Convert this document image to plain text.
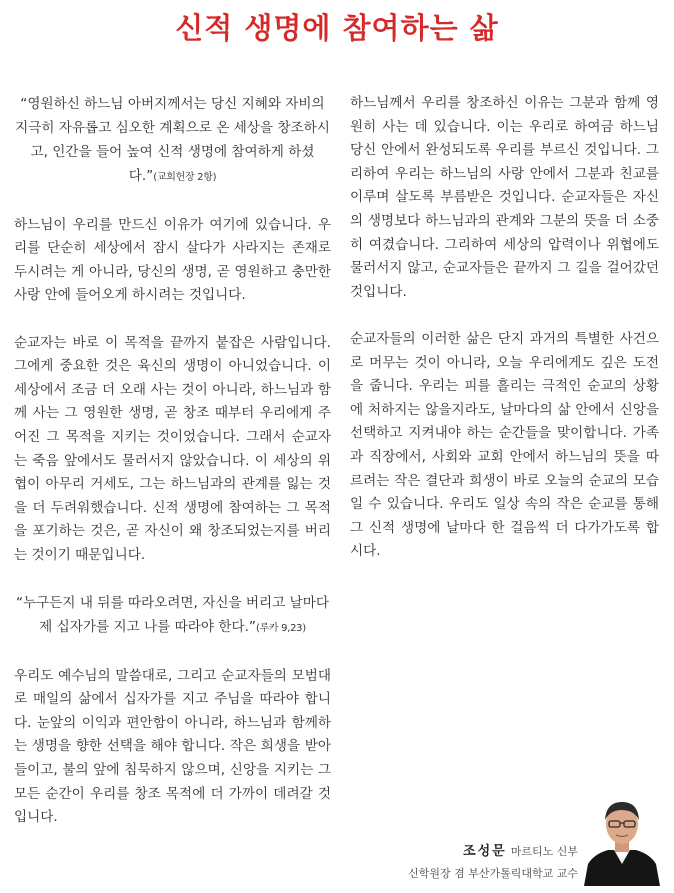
신적 생명에 참여하는 삶

“영원하신 하느님 아버지께서는 당신 지혜와 자비의 지극히 자유롭고 심오한 계획으로 온 세상을 창조하시고, 인간을 들어 높여 신적 생명에 참여하게 하셨다.”(교회헌장 2항)

하느님이 우리를 만드신 이유가 여기에 있습니다. 우리를 단순히 세상에서 잠시 살다가 사라지는 존재로 두시려는 게 아니라, 당신의 생명, 곧 영원하고 충만한 사랑 안에 들어오게 하시려는 것입니다.

순교자는 바로 이 목적을 끝까지 붙잡은 사람입니다. 그에게 중요한 것은 육신의 생명이 아니었습니다. 이 세상에서 조금 더 오래 사는 것이 아니라, 하느님과 함께 사는 그 영원한 생명, 곧 창조 때부터 우리에게 주어진 그 목적을 지키는 것이었습니다. 그래서 순교자는 죽음 앞에서도 물러서지 않았습니다. 이 세상의 위협이 아무리 거세도, 그는 하느님과의 관계를 잃는 것을 더 두려워했습니다. 신적 생명에 참여하는 그 목적을 포기하는 것은, 곧 자신이 왜 창조되었는지를 버리는 것이기 때문입니다.

“누구든지 내 뒤를 따라오려면, 자신을 버리고 날마다 제 십자가를 지고 나를 따라야 한다.”(루카 9,23)

우리도 예수님의 말씀대로, 그리고 순교자들의 모범대로 매일의 삶에서 십자가를 지고 주님을 따라야 합니다. 눈앞의 이익과 편안함이 아니라, 하느님과 함께하는 생명을 향한 선택을 해야 합니다. 작은 희생을 받아들이고, 불의 앞에 침묵하지 않으며, 신앙을 지키는 그 모든 순간이 우리를 창조 목적에 더 가까이 데려갈 것입니다.

하느님께서 우리를 창조하신 이유는 그분과 함께 영원히 사는 데 있습니다. 이는 우리로 하여금 하느님 당신 안에서 완성되도록 우리를 부르신 것입니다. 그리하여 우리는 하느님의 사랑 안에서 그분과 친교를 이루며 살도록 부름받은 것입니다. 순교자들은 자신의 생명보다 하느님과의 관계와 그분의 뜻을 더 소중히 여겼습니다. 그리하여 세상의 압력이나 위협에도 물러서지 않고, 순교자들은 끝까지 그 길을 걸어갔던 것입니다.

순교자들의 이러한 삶은 단지 과거의 특별한 사건으로 머무는 것이 아니라, 오늘 우리에게도 깊은 도전을 줍니다. 우리는 피를 흘리는 극적인 순교의 상황에 처하지는 않을지라도, 날마다의 삶 안에서 신앙을 선택하고 지켜내야 하는 순간들을 맞이합니다. 가족과 직장에서, 사회와 교회 안에서 하느님의 뜻을 따르려는 작은 결단과 희생이 바로 오늘의 순교의 모습일 수 있습니다. 우리도 일상 속의 작은 순교를 통해 그 신적 생명에 날마다 한 걸음씩 더 다가가도록 합시다.

조성문 마르티노 신부
신학원장 겸 부산가톨릭대학교 교수
